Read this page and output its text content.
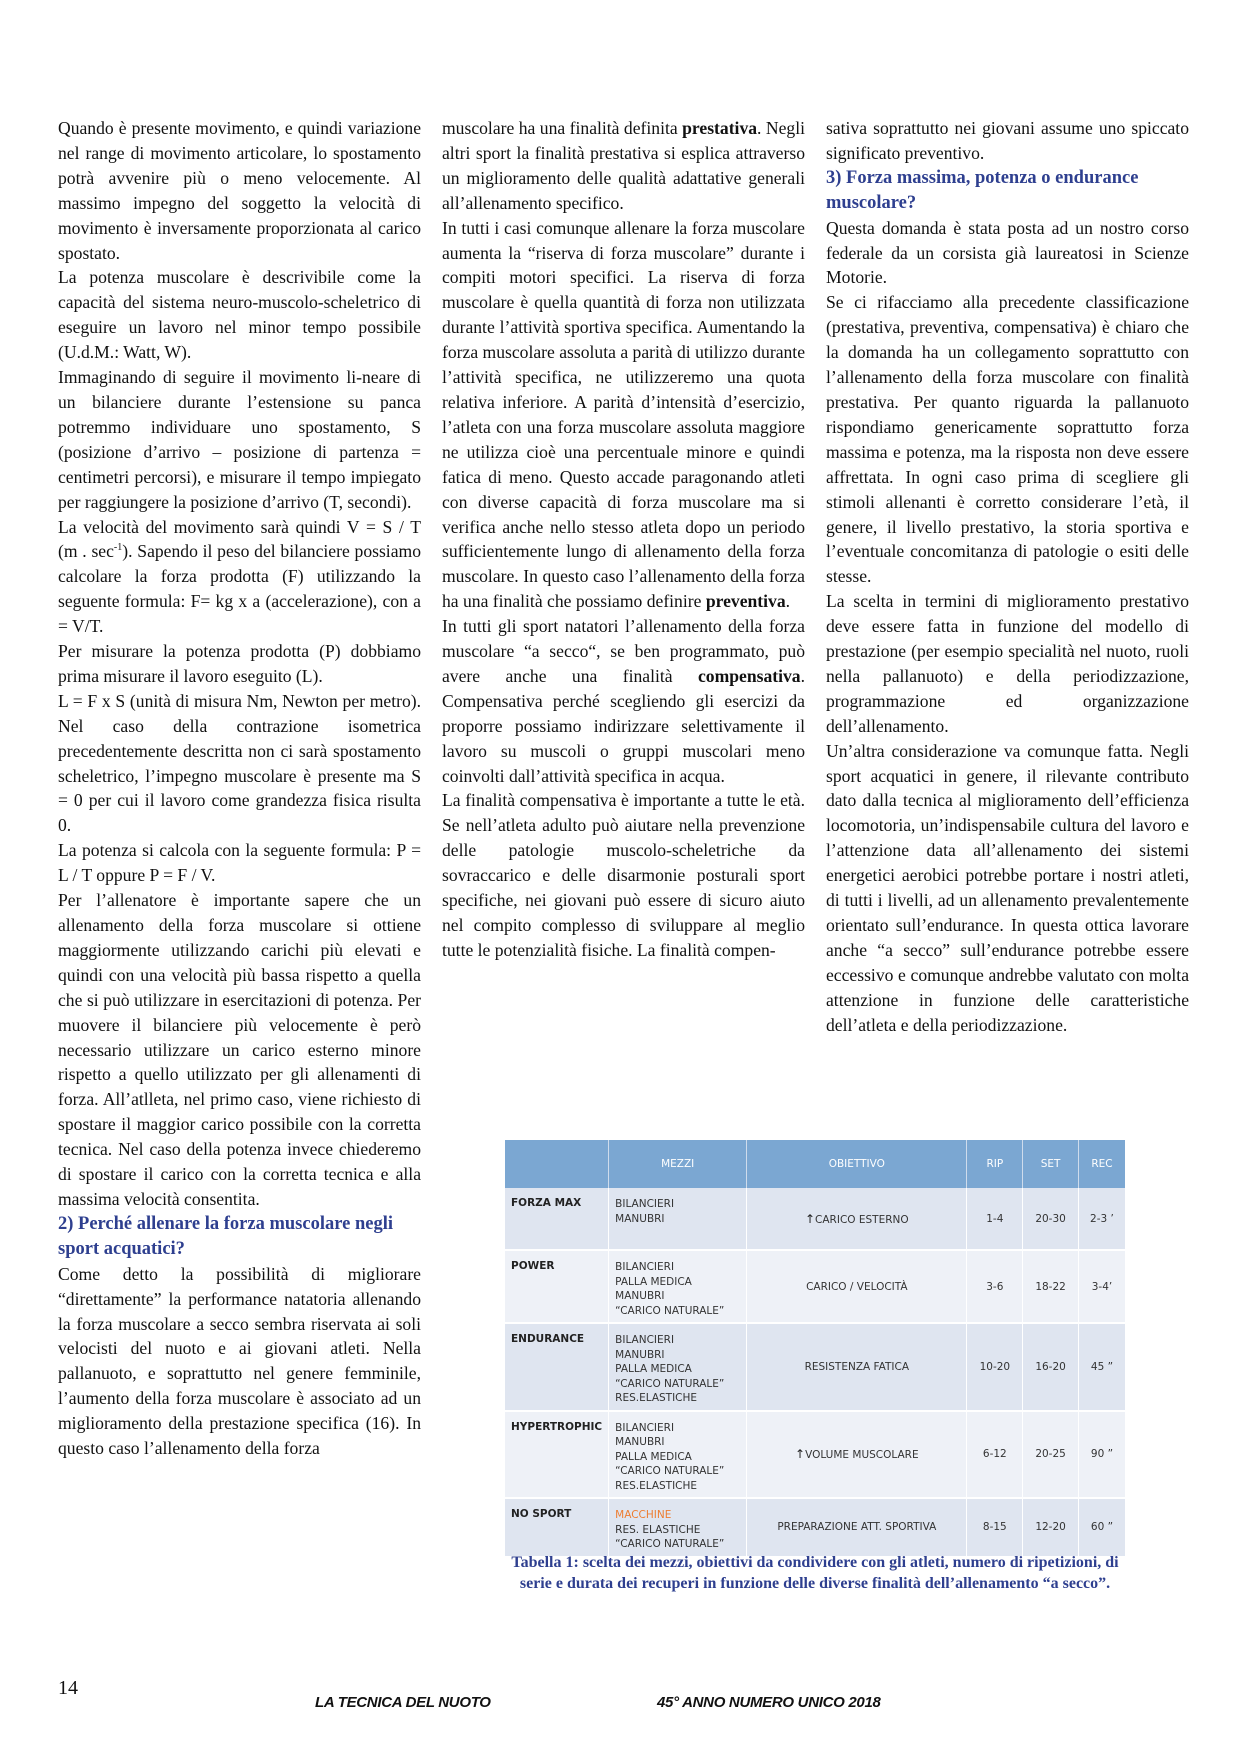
Quando è presente movimento, e quindi variazione nel range di movimento articolare, lo spostamento potrà avvenire più o meno velocemente. Al massimo impegno del soggetto la velocità di movimento è inversamente proporzionata al carico spostato.

La potenza muscolare è descrivibile come la capacità del sistema neuro-muscolo-scheletrico di eseguire un lavoro nel minor tempo possibile (U.d.M.: Watt, W).

Immaginando di seguire il movimento li-neare di un bilanciere durante l’estensione su panca potremmo individuare uno spostamento, S (posizione d’arrivo – posizione di partenza = centimetri percorsi), e misurare il tempo impiegato per raggiungere la posizione d’arrivo (T, secondi).

La velocità del movimento sarà quindi V = S / T (m . $\sec^{-1}$). Sapendo il peso del bilanciere possiamo calcolare la forza prodotta (F) utilizzando la seguente formula: F= kg x a (accelerazione), con a = V/T.

Per misurare la potenza prodotta (P) dobbiamo prima misurare il lavoro eseguito (L).

L = F x S (unità di misura Nm, Newton per metro). Nel caso della contrazione isometrica precedentemente descritta non ci sarà spostamento scheletrico, l’impegno muscolare è presente ma S = 0 per cui il lavoro come grandezza fisica risulta 0.

La potenza si calcola con la seguente formula: P = L / T oppure P = F / V.

Per l’allenatore è importante sapere che un allenamento della forza muscolare si ottiene maggiormente utilizzando carichi più elevati e quindi con una velocità più bassa rispetto a quella che si può utilizzare in esercitazioni di potenza. Per muovere il bilanciere più velocemente è però necessario utilizzare un carico esterno minore rispetto a quello utilizzato per gli allenamenti di forza. All’atlleta, nel primo caso, viene richiesto di spostare il maggior carico possibile con la corretta tecnica. Nel caso della potenza invece chiederemo di spostare il carico con la corretta tecnica e alla massima velocità consentita.

2) Perché allenare la forza muscolare negli sport acquatici?

Come detto la possibilità di migliorare “direttamente” la performance natatoria allenando la forza muscolare a secco sembra riservata ai soli velocisti del nuoto e ai giovani atleti. Nella pallanuoto, e soprattutto nel genere femminile, l’aumento della forza muscolare è associato ad un miglioramento della prestazione specifica (16). In questo caso l’allenamento della forza

muscolare ha una finalità definita prestativa. Negli altri sport la finalità prestativa si esplica attraverso un miglioramento delle qualità adattative generali all’allenamento specifico.

In tutti i casi comunque allenare la forza muscolare aumenta la “riserva di forza muscolare” durante i compiti motori specifici. La riserva di forza muscolare è quella quantità di forza non utilizzata durante l’attività sportiva specifica. Aumentando la forza muscolare assoluta a parità di utilizzo durante l’attività specifica, ne utilizzeremo una quota relativa inferiore. A parità d’intensità d’esercizio, l’atleta con una forza muscolare assoluta maggiore ne utilizza cioè una percentuale minore e quindi fatica di meno. Questo accade paragonando atleti con diverse capacità di forza muscolare ma si verifica anche nello stesso atleta dopo un periodo sufficientemente lungo di allenamento della forza muscolare. In questo caso l’allenamento della forza ha una finalità che possiamo definire preventiva.

In tutti gli sport natatori l’allenamento della forza muscolare “a secco“, se ben programmato, può avere anche una finalità compensativa. Compensativa perché scegliendo gli esercizi da proporre possiamo indirizzare selettivamente il lavoro su muscoli o gruppi muscolari meno coinvolti dall’attività specifica in acqua.

La finalità compensativa è importante a tutte le età. Se nell’atleta adulto può aiutare nella prevenzione delle patologie muscolo-scheletriche da sovraccarico e delle disarmonie posturali sport specifiche, nei giovani può essere di sicuro aiuto nel compito complesso di sviluppare al meglio tutte le potenzialità fisiche. La finalità compen-

sativa soprattutto nei giovani assume uno spiccato significato preventivo.

3) Forza massima, potenza o endurance muscolare?

Questa domanda è stata posta ad un nostro corso federale da un corsista già laureatosi in Scienze Motorie.

Se ci rifacciamo alla precedente classificazione (prestativa, preventiva, compensativa) è chiaro che la domanda ha un collegamento soprattutto con l’allenamento della forza muscolare con finalità prestativa. Per quanto riguarda la pallanuoto rispondiamo genericamente soprattutto forza massima e potenza, ma la risposta non deve essere affrettata. In ogni caso prima di scegliere gli stimoli allenanti è corretto considerare l’età, il genere, il livello prestativo, la storia sportiva e l’eventuale concomitanza di patologie o esiti delle stesse.

La scelta in termini di miglioramento prestativo deve essere fatta in funzione del modello di prestazione (per esempio specialità nel nuoto, ruoli nella pallanuoto) e della periodizzazione, programmazione ed organizzazione dell’allenamento.

Un’altra considerazione va comunque fatta. Negli sport acquatici in genere, il rilevante contributo dato dalla tecnica al miglioramento dell’efficienza locomotoria, un’indispensabile cultura del lavoro e l’attenzione data all’allenamento dei sistemi energetici aerobici potrebbe portare i nostri atleti, di tutti i livelli, ad un allenamento prevalentemente orientato sull’endurance. In questa ottica lavorare anche “a secco” sull’endurance potrebbe essere eccessivo e comunque andrebbe valutato con molta attenzione in funzione delle caratteristiche dell’atleta e della periodizzazione.

	MEZZI	OBIETTIVO	RIP	SET	REC
FORZA MAX	BILANCIERI
MANUBRI	↑CARICO ESTERNO	1-4	20-30	2-3 ’
POWER	BILANCIERI
PALLA MEDICA
MANUBRI
“CARICO NATURALE”	CARICO / VELOCITÀ	3-6	18-22	3-4’
ENDURANCE	BILANCIERI
MANUBRI
PALLA MEDICA
“CARICO NATURALE”
RES.ELASTICHE	RESISTENZA FATICA	10-20	16-20	45 ”
HYPERTROPHIC	BILANCIERI
MANUBRI
PALLA MEDICA
“CARICO NATURALE”
RES.ELASTICHE	↑VOLUME MUSCOLARE	6-12	20-25	90 ”
NO SPORT	MACCHINE
RES. ELASTICHE
“CARICO NATURALE”	PREPARAZIONE ATT. SPORTIVA	8-15	12-20	60 ”
Tabella 1: scelta dei mezzi, obiettivi da condividere con gli atleti, numero di ripetizioni, di serie e durata dei recuperi in funzione delle diverse finalità dell’allenamento “a secco”.
14
LA TECNICA DEL NUOTO	45° ANNO NUMERO UNICO 2018
